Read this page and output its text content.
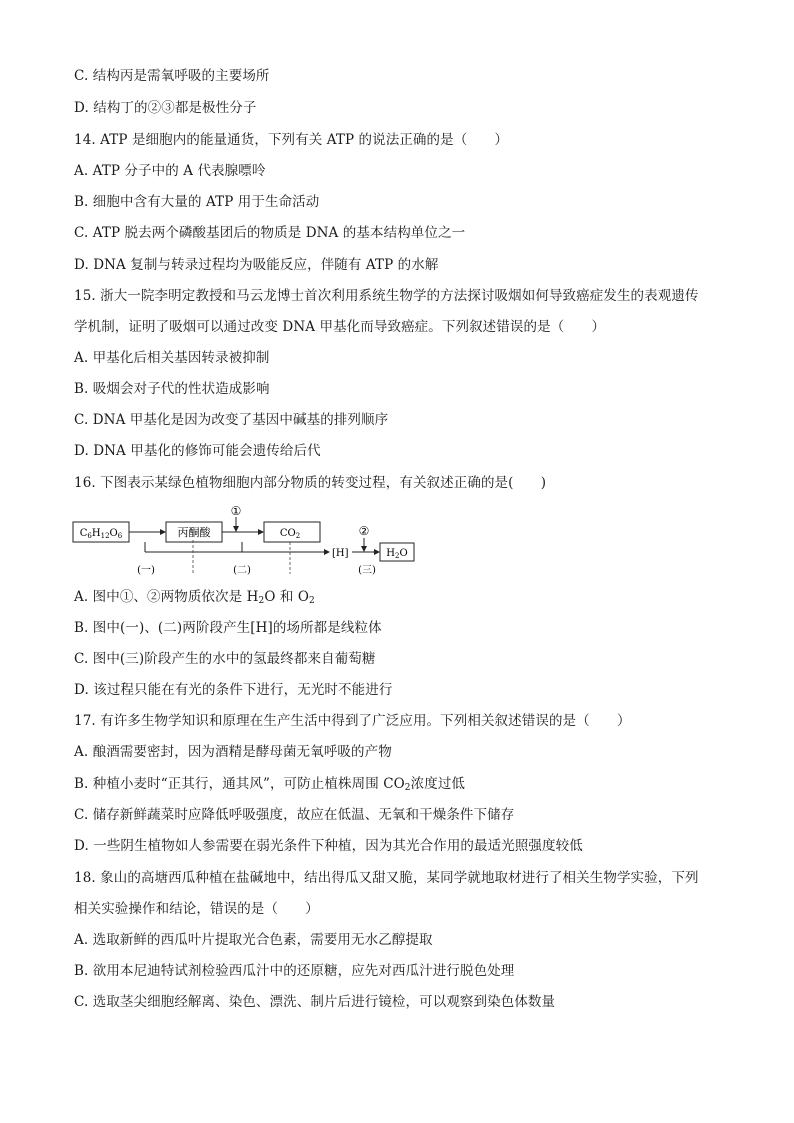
C. 结构丙是需氧呼吸的主要场所
D. 结构丁的②③都是极性分子
14. ATP 是细胞内的能量通货，下列有关 ATP 的说法正确的是（　　）
A. ATP 分子中的 A 代表腺嘌呤
B. 细胞中含有大量的 ATP 用于生命活动
C. ATP 脱去两个磷酸基团后的物质是 DNA 的基本结构单位之一
D. DNA 复制与转录过程均为吸能反应，伴随有 ATP 的水解
15. 浙大一院李明定教授和马云龙博士首次利用系统生物学的方法探讨吸烟如何导致癌症发生的表观遗传
学机制，证明了吸烟可以通过改变 DNA 甲基化而导致癌症。下列叙述错误的是（　　）
A. 甲基化后相关基因转录被抑制
B. 吸烟会对子代的性状造成影响
C. DNA 甲基化是因为改变了基因中碱基的排列顺序
D. DNA 甲基化的修饰可能会遗传给后代
16. 下图表示某绿色植物细胞内部分物质的转变过程，有关叙述正确的是(　　)
$C_6H_{12}O_6$	丙酮酸
①
$CO_2$
[H]
②
$H_2O$
(一)	(二)	(三)
A. 图中①、②两物质依次是 $H_2O$ 和 $O_2$
B. 图中(一)、(二)两阶段产生[H]的场所都是线粒体
C. 图中(三)阶段产生的水中的氢最终都来自葡萄糖
D. 该过程只能在有光的条件下进行，无光时不能进行
17. 有许多生物学知识和原理在生产生活中得到了广泛应用。下列相关叙述错误的是（　　）
A. 酿酒需要密封，因为酒精是酵母菌无氧呼吸的产物
B. 种植小麦时“正其行，通其风”，可防止植株周围 $CO_2$浓度过低
C. 储存新鲜蔬菜时应降低呼吸强度，故应在低温、无氧和干燥条件下储存
D. 一些阴生植物如人参需要在弱光条件下种植，因为其光合作用的最适光照强度较低
18. 象山的高塘西瓜种植在盐碱地中，结出得瓜又甜又脆，某同学就地取材进行了相关生物学实验，下列
相关实验操作和结论，错误的是（　　）
A. 选取新鲜的西瓜叶片提取光合色素，需要用无水乙醇提取
B. 欲用本尼迪特试剂检验西瓜汁中的还原糖，应先对西瓜汁进行脱色处理
C. 选取茎尖细胞经解离、染色、漂洗、制片后进行镜检，可以观察到染色体数量
